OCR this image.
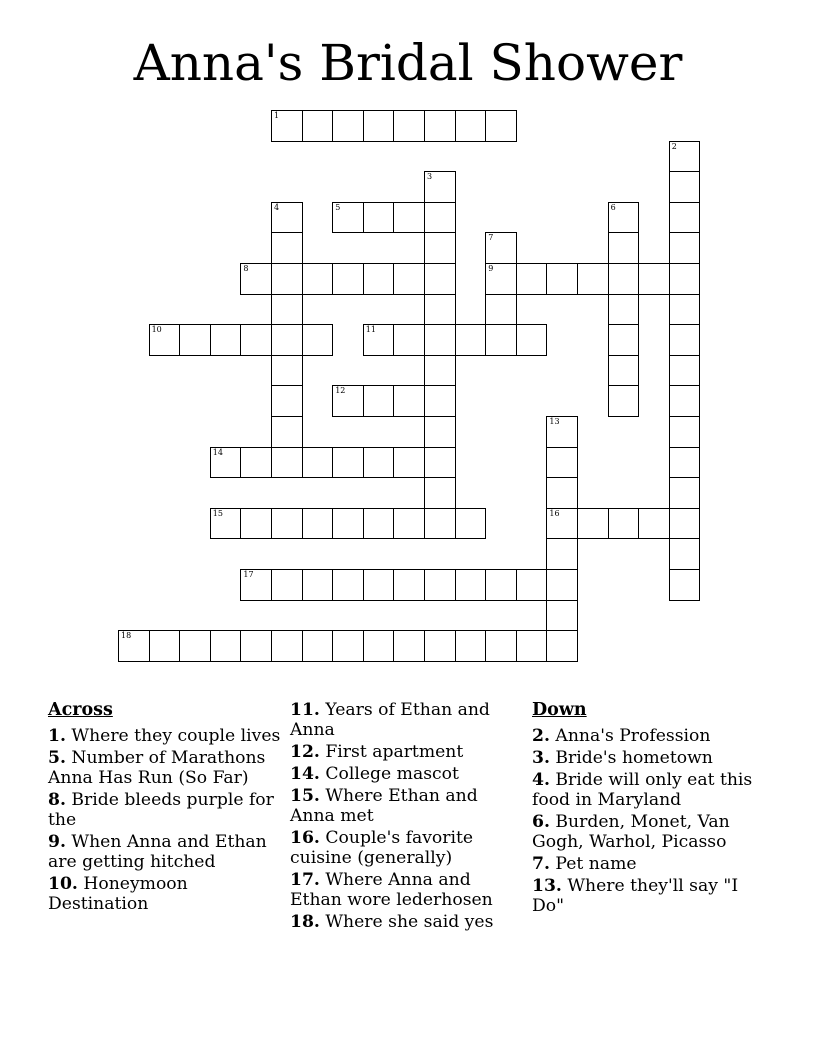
Anna's Bridal Shower
1
2
3
4	5	6
7
9
8
10	11
12
13
16
14
15
17
18
Across
1. Where they couple lives
5. Number of Marathons Anna Has Run (So Far)
8. Bride bleeds purple for the
9. When Anna and Ethan are getting hitched
10. Honeymoon Destination
11. Years of Ethan and Anna
12. First apartment
14. College mascot
15. Where Ethan and Anna met
16. Couple's favorite cuisine (generally)
17. Where Anna and Ethan wore lederhosen
18. Where she said yes
Down
2. Anna's Profession
3. Bride's hometown
4. Bride will only eat this food in Maryland
6. Burden, Monet, Van Gogh, Warhol, Picasso
7. Pet name
13. Where they'll say "I Do"
